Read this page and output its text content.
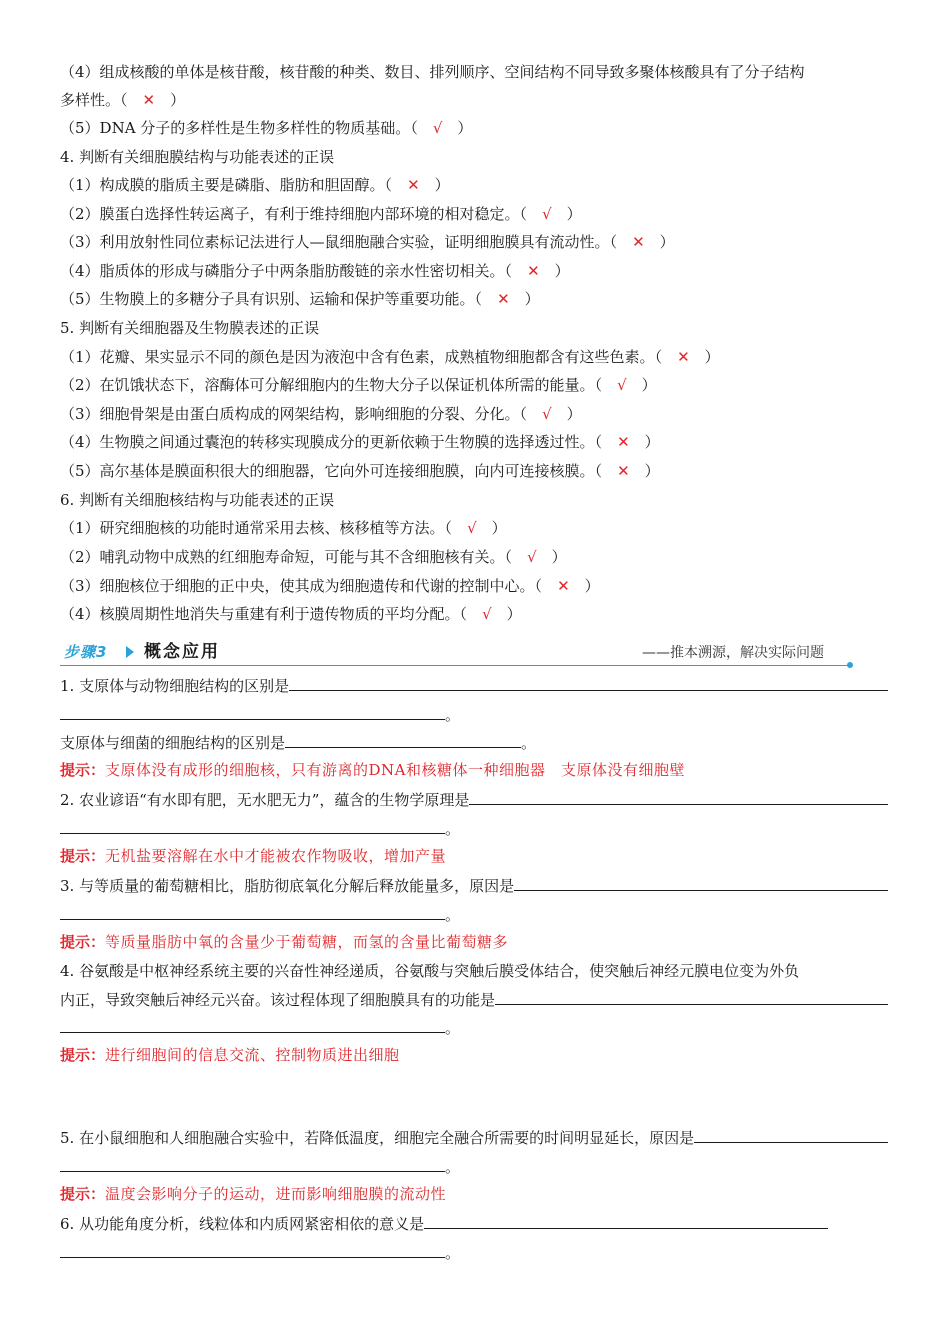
（4）组成核酸的单体是核苷酸，核苷酸的种类、数目、排列顺序、空间结构不同导致多聚体核酸具有了分子结构
多样性。（　✕　）
（5）DNA 分子的多样性是生物多样性的物质基础。（　√　）
4. 判断有关细胞膜结构与功能表述的正误
（1）构成膜的脂质主要是磷脂、脂肪和胆固醇。（　✕　）
（2）膜蛋白选择性转运离子，有利于维持细胞内部环境的相对稳定。（　√　）
（3）利用放射性同位素标记法进行人—鼠细胞融合实验，证明细胞膜具有流动性。（　✕　）
（4）脂质体的形成与磷脂分子中两条脂肪酸链的亲水性密切相关。（　✕　）
（5）生物膜上的多糖分子具有识别、运输和保护等重要功能。（　✕　）
5. 判断有关细胞器及生物膜表述的正误
（1）花瓣、果实显示不同的颜色是因为液泡中含有色素，成熟植物细胞都含有这些色素。（　✕　）
（2）在饥饿状态下，溶酶体可分解细胞内的生物大分子以保证机体所需的能量。（　√　）
（3）细胞骨架是由蛋白质构成的网架结构，影响细胞的分裂、分化。（　√　）
（4）生物膜之间通过囊泡的转移实现膜成分的更新依赖于生物膜的选择透过性。（　✕　）
（5）高尔基体是膜面积很大的细胞器，它向外可连接细胞膜，向内可连接核膜。（　✕　）
6. 判断有关细胞核结构与功能表述的正误
（1）研究细胞核的功能时通常采用去核、核移植等方法。（　√　）
（2）哺乳动物中成熟的红细胞寿命短，可能与其不含细胞核有关。（　√　）
（3）细胞核位于细胞的正中央，使其成为细胞遗传和代谢的控制中心。（　✕　）
（4）核膜周期性地消失与重建有利于遗传物质的平均分配。（　√　）
步骤3 概念应用	——推本溯源，解决实际问题
1. 支原体与动物细胞结构的区别是
。
支原体与细菌的细胞结构的区别是	。
提示：支原体没有成形的细胞核，只有游离的DNA和核糖体一种细胞器　支原体没有细胞壁
2. 农业谚语“有水即有肥，无水肥无力”，蕴含的生物学原理是
。
提示：无机盐要溶解在水中才能被农作物吸收，增加产量
3. 与等质量的葡萄糖相比，脂肪彻底氧化分解后释放能量多，原因是
。
提示：等质量脂肪中氧的含量少于葡萄糖，而氢的含量比葡萄糖多
4. 谷氨酸是中枢神经系统主要的兴奋性神经递质，谷氨酸与突触后膜受体结合，使突触后神经元膜电位变为外负
内正，导致突触后神经元兴奋。该过程体现了细胞膜具有的功能是
。
提示：进行细胞间的信息交流、控制物质进出细胞
5. 在小鼠细胞和人细胞融合实验中，若降低温度，细胞完全融合所需要的时间明显延长，原因是
。
提示：温度会影响分子的运动，进而影响细胞膜的流动性
6. 从功能角度分析，线粒体和内质网紧密相依的意义是
。
